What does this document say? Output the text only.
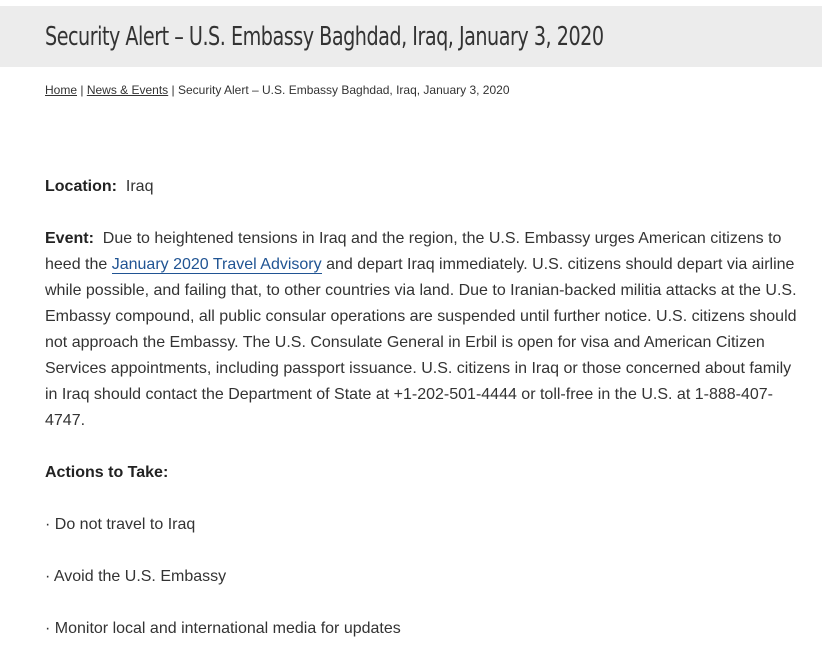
Security Alert – U.S. Embassy Baghdad, Iraq, January 3, 2020
Home | News & Events | Security Alert – U.S. Embassy Baghdad, Iraq, January 3, 2020

Location: Iraq

Event: Due to heightened tensions in Iraq and the region, the U.S. Embassy urges American citizens to heed the January 2020 Travel Advisory and depart Iraq immediately. U.S. citizens should depart via airline while possible, and failing that, to other countries via land. Due to Iranian-backed militia attacks at the U.S. Embassy compound, all public consular operations are suspended until further notice. U.S. citizens should not approach the Embassy. The U.S. Consulate General in Erbil is open for visa and American Citizen Services appointments, including passport issuance. U.S. citizens in Iraq or those concerned about family in Iraq should contact the Department of State at +1-202-501-4444 or toll-free in the U.S. at 1-888-407-4747.

Actions to Take:

· Do not travel to Iraq

· Avoid the U.S. Embassy

· Monitor local and international media for updates
